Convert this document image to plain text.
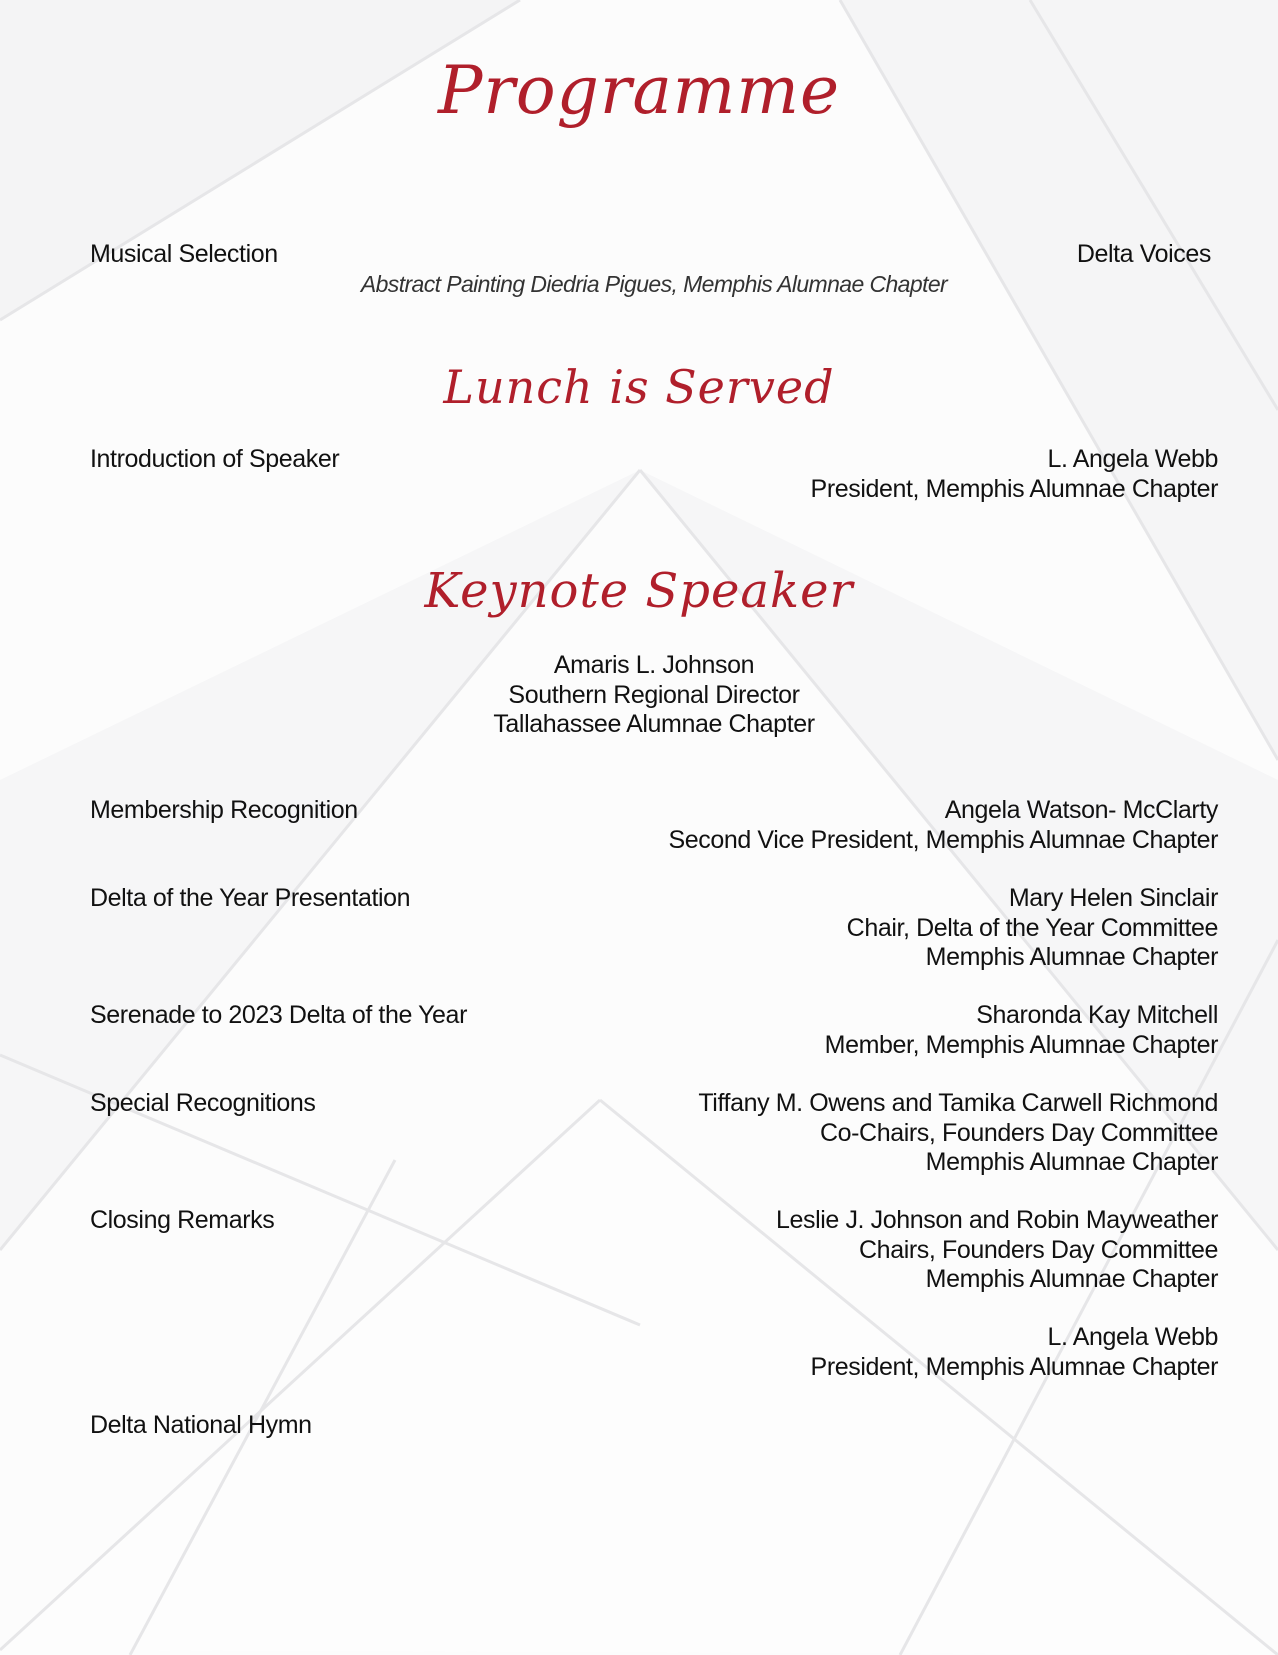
Programme
Musical Selection	Delta Voices
Abstract Painting Diedria Pigues, Memphis Alumnae Chapter
Lunch is Served
Introduction of Speaker	L. Angela Webb
President, Memphis Alumnae Chapter
Keynote Speaker
Amaris L. Johnson
Southern Regional Director
Tallahassee Alumnae Chapter
Membership Recognition	Angela Watson- McClarty
Second Vice President, Memphis Alumnae Chapter
Delta of the Year Presentation	Mary Helen Sinclair
Chair, Delta of the Year Committee
Memphis Alumnae Chapter
Serenade to 2023 Delta of the Year	Sharonda Kay Mitchell
Member, Memphis Alumnae Chapter
Special Recognitions	Tiffany M. Owens and Tamika Carwell Richmond
Co-Chairs, Founders Day Committee
Memphis Alumnae Chapter
Closing Remarks	Leslie J. Johnson and Robin Mayweather
Chairs, Founders Day Committee
Memphis Alumnae Chapter
L. Angela Webb
President, Memphis Alumnae Chapter
Delta National Hymn
